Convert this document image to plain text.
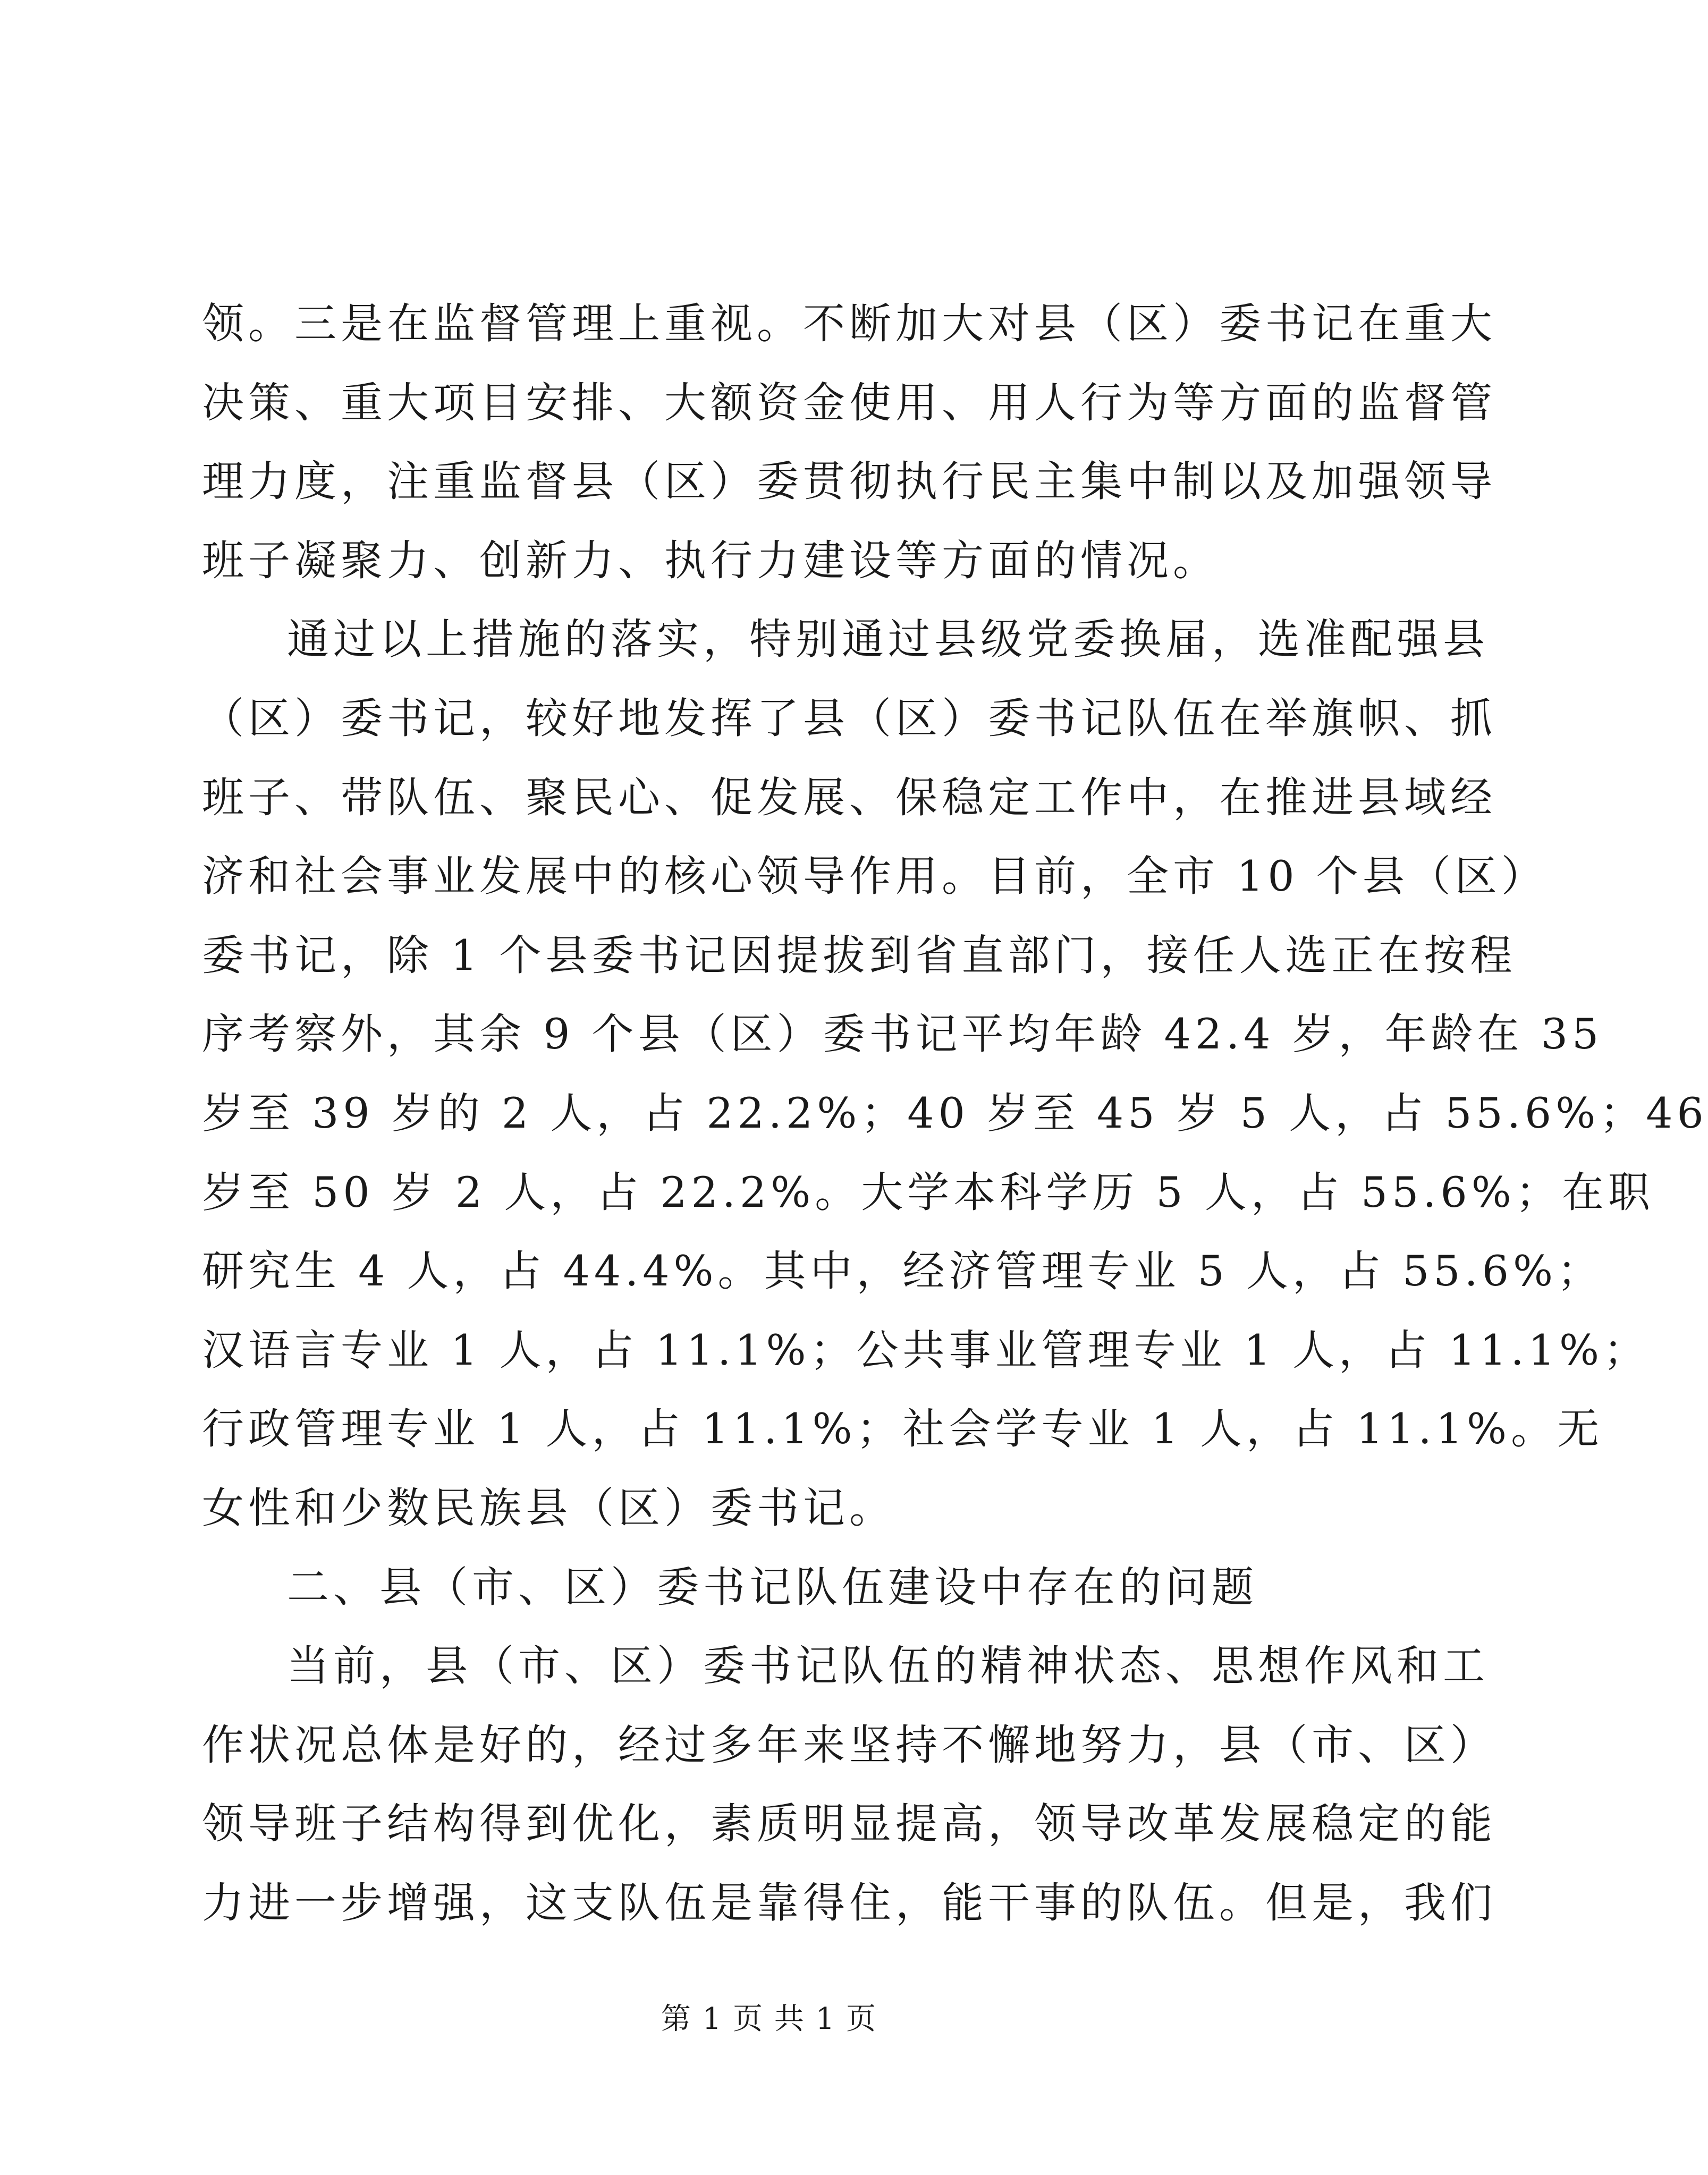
领。三是在监督管理上重视。不断加大对县（区）委书记在重大
决策、重大项目安排、大额资金使用、用人行为等方面的监督管
理力度，注重监督县（区）委贯彻执行民主集中制以及加强领导
班子凝聚力、创新力、执行力建设等方面的情况。
通过以上措施的落实，特别通过县级党委换届，选准配强县
（区）委书记，较好地发挥了县（区）委书记队伍在举旗帜、抓
班子、带队伍、聚民心、促发展、保稳定工作中，在推进县域经
济和社会事业发展中的核心领导作用。目前，全市 10 个县（区）
委书记，除 1 个县委书记因提拔到省直部门，接任人选正在按程
序考察外，其余 9 个县（区）委书记平均年龄 42.4 岁，年龄在 35
岁至 39 岁的 2 人，占 22.2%；40 岁至 45 岁 5 人，占 55.6%；46
岁至 50 岁 2 人，占 22.2%。大学本科学历 5 人，占 55.6%；在职
研究生 4 人，占 44.4%。其中，经济管理专业 5 人，占 55.6%；
汉语言专业 1 人，占 11.1%；公共事业管理专业 1 人，占 11.1%；
行政管理专业 1 人，占 11.1%；社会学专业 1 人，占 11.1%。无
女性和少数民族县（区）委书记。
二、县（市、区）委书记队伍建设中存在的问题
当前，县（市、区）委书记队伍的精神状态、思想作风和工
作状况总体是好的，经过多年来坚持不懈地努力，县（市、区）
领导班子结构得到优化，素质明显提高，领导改革发展稳定的能
力进一步增强，这支队伍是靠得住，能干事的队伍。但是，我们
第 1 页 共 1 页
